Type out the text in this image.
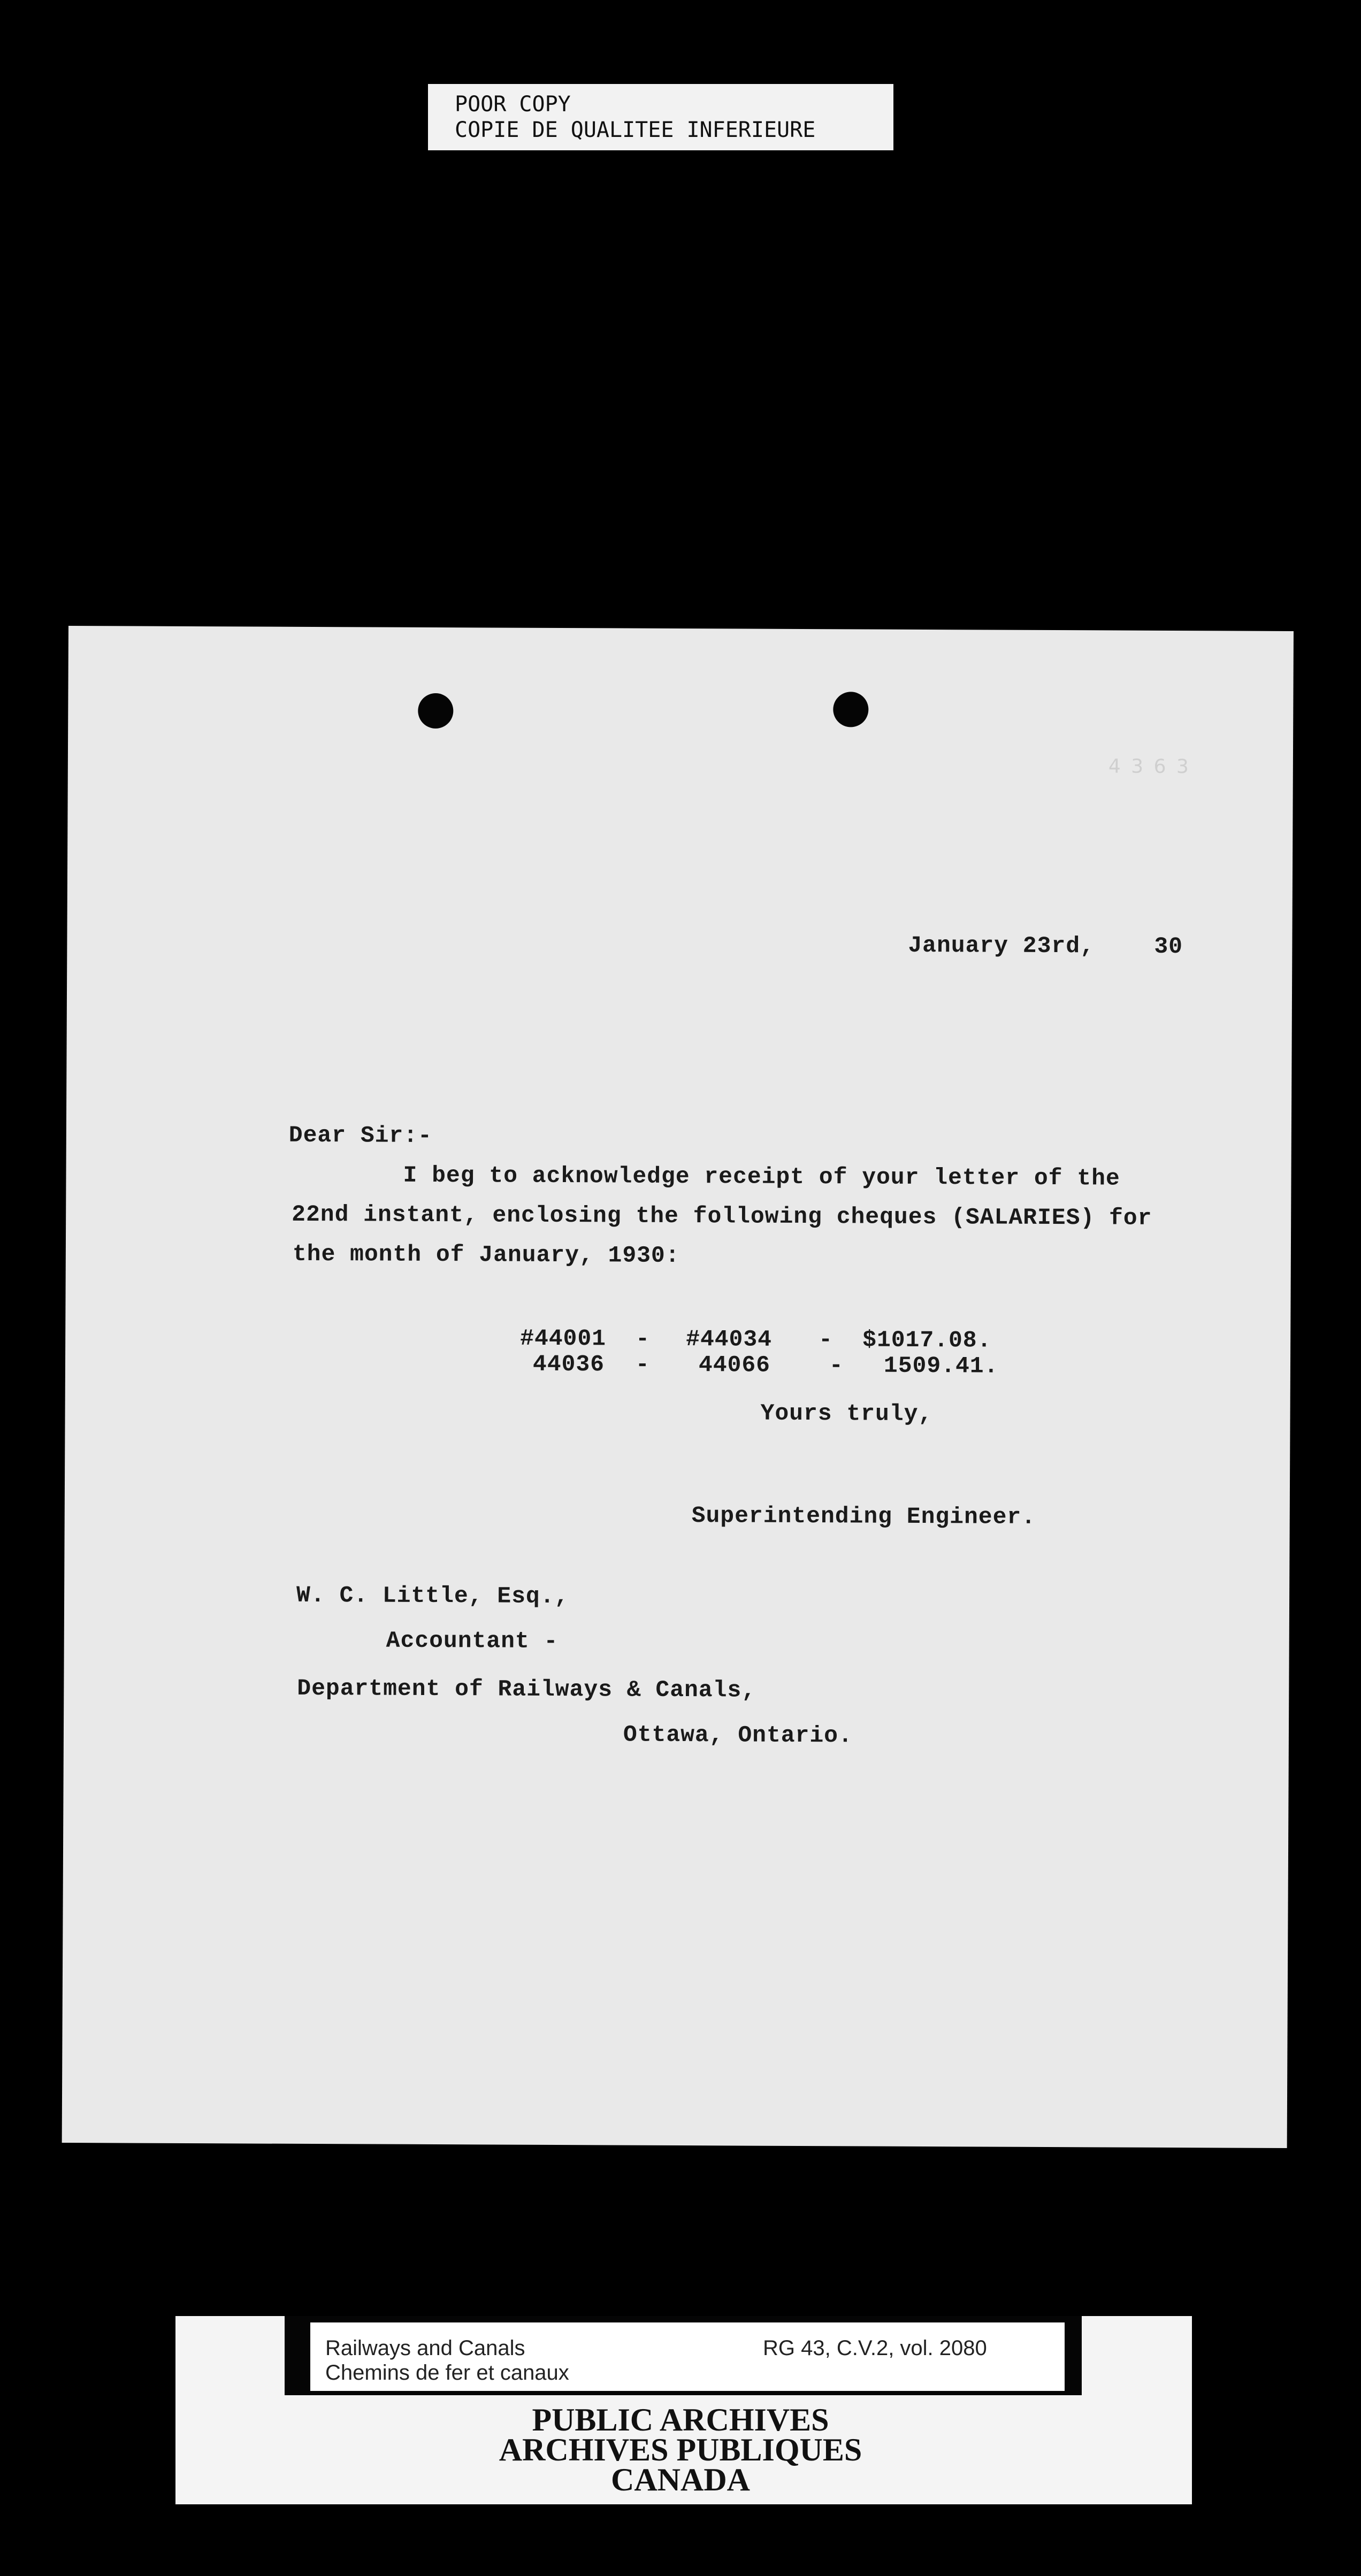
POOR COPY
COPIE DE QUALITEE INFERIEURE
4 3 6 3
January 23rd,	30
Dear Sir:-
I beg to acknowledge receipt of your letter of the
22nd instant, enclosing the following cheques (SALARIES) for
the month of January, 1930:
#44001 - #44034 - $1017.08.
44036 - 44066	- 1509.41.
Yours truly,
Superintending Engineer.
W. C. Little, Esq.,
Accountant -
Department of Railways & Canals,
Ottawa, Ontario.
Railways and Canals
Chemins de fer et canaux
RG 43, C.V.2, vol. 2080
PUBLIC ARCHIVES
ARCHIVES PUBLIQUES
CANADA
